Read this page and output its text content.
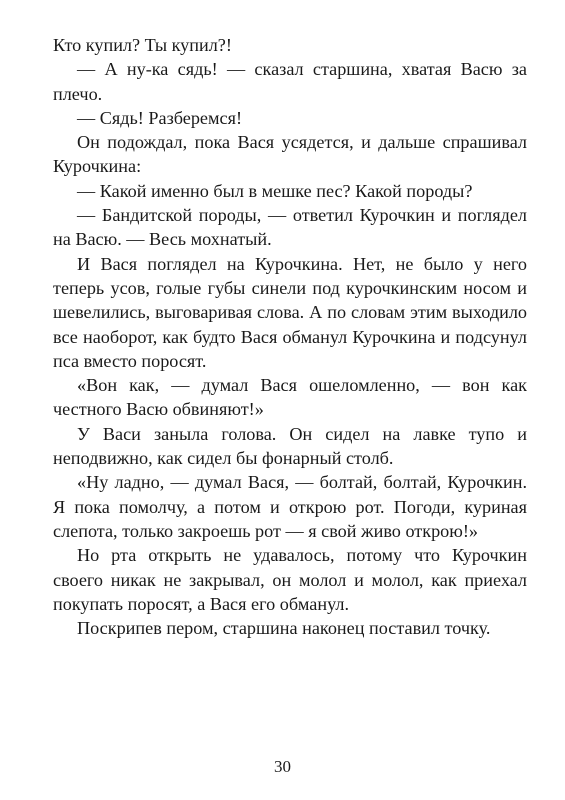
Кто купил? Ты купил?!

— А ну-ка сядь! — сказал старшина, хватая Васю за плечо.

— Сядь! Разберемся!

Он подождал, пока Вася усядется, и дальше спрашивал Курочкина:

— Какой именно был в мешке пес? Какой породы?

— Бандитской породы, — ответил Курочкин и поглядел на Васю. — Весь мохнатый.

И Вася поглядел на Курочкина. Нет, не было у него теперь усов, голые губы синели под курочкинским носом и шевелились, выговаривая слова. А по словам этим выходило все наоборот, как будто Вася обманул Курочкина и подсунул пса вместо поросят.

«Вон как, — думал Вася ошеломленно, — вон как честного Васю обвиняют!»

У Васи заныла голова. Он сидел на лавке тупо и неподвижно, как сидел бы фонарный столб.

«Ну ладно, — думал Вася, — болтай, болтай, Курочкин. Я пока помолчу, а потом и открою рот. Погоди, куриная слепота, только закроешь рот — я свой живо открою!»

Но рта открыть не удавалось, потому что Курочкин своего никак не закрывал, он молол и молол, как приехал покупать поросят, а Вася его обманул.

Поскрипев пером, старшина наконец поставил точку.

30
